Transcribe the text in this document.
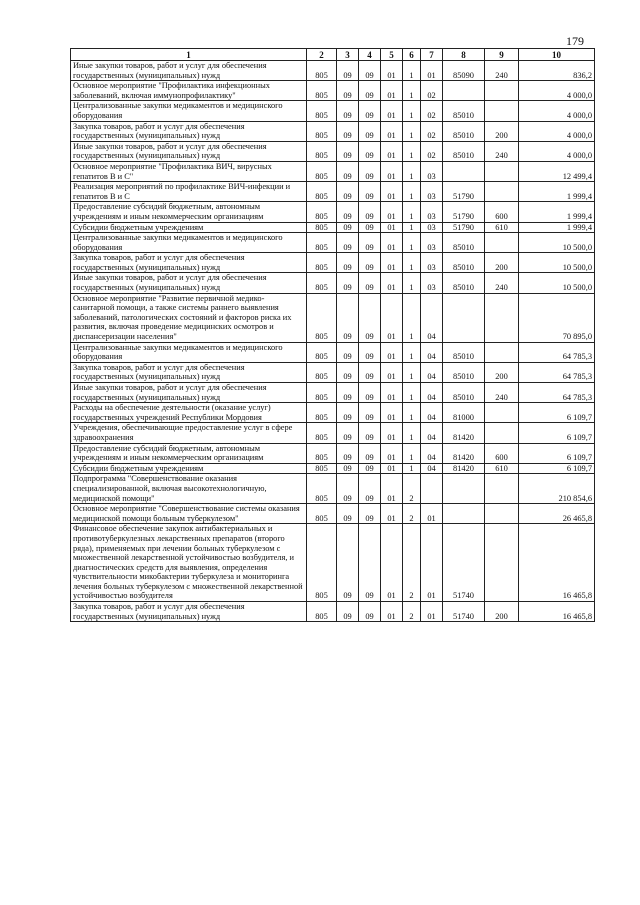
179
1	2	3	4	5	6	7	8	9	10
Иные закупки товаров, работ и услуг для обеспечения государственных (муниципальных) нужд	805	09	09	01	1	01	85090	240	836,2
Основное мероприятие "Профилактика инфекционных заболеваний, включая иммунопрофилактику"	805	09	09	01	1	02			4 000,0
Централизованные закупки медикаментов и медицинского оборудования	805	09	09	01	1	02	85010		4 000,0
Закупка товаров, работ и услуг для обеспечения государственных (муниципальных) нужд	805	09	09	01	1	02	85010	200	4 000,0
Иные закупки товаров, работ и услуг для обеспечения государственных (муниципальных) нужд	805	09	09	01	1	02	85010	240	4 000,0
Основное мероприятие "Профилактика ВИЧ, вирусных гепатитов В и С"	805	09	09	01	1	03			12 499,4
Реализация мероприятий по профилактике ВИЧ-инфекции и гепатитов В и С	805	09	09	01	1	03	51790		1 999,4
Предоставление субсидий бюджетным, автономным учреждениям и иным некоммерческим организациям	805	09	09	01	1	03	51790	600	1 999,4
Субсидии бюджетным учреждениям	805	09	09	01	1	03	51790	610	1 999,4
Централизованные закупки медикаментов и медицинского оборудования	805	09	09	01	1	03	85010		10 500,0
Закупка товаров, работ и услуг для обеспечения государственных (муниципальных) нужд	805	09	09	01	1	03	85010	200	10 500,0
Иные закупки товаров, работ и услуг для обеспечения государственных (муниципальных) нужд	805	09	09	01	1	03	85010	240	10 500,0
Основное мероприятие "Развитие первичной медико-санитарной помощи, а также системы раннего выявления заболеваний, патологических состояний и факторов риска их развития, включая проведение медицинских осмотров и диспансеризации населения"	805	09	09	01	1	04			70 895,0
Централизованные закупки медикаментов и медицинского оборудования	805	09	09	01	1	04	85010		64 785,3
Закупка товаров, работ и услуг для обеспечения государственных (муниципальных) нужд	805	09	09	01	1	04	85010	200	64 785,3
Иные закупки товаров, работ и услуг для обеспечения государственных (муниципальных) нужд	805	09	09	01	1	04	85010	240	64 785,3
Расходы на обеспечение деятельности (оказание услуг) государственных учреждений Республики Мордовия	805	09	09	01	1	04	81000		6 109,7
Учреждения, обеспечивающие предоставление услуг в сфере здравоохранения	805	09	09	01	1	04	81420		6 109,7
Предоставление субсидий бюджетным, автономным учреждениям и иным некоммерческим организациям	805	09	09	01	1	04	81420	600	6 109,7
Субсидии бюджетным учреждениям	805	09	09	01	1	04	81420	610	6 109,7
Подпрограмма "Совершенствование оказания специализированной, включая высокотехнологичную, медицинской помощи"	805	09	09	01	2				210 854,6
Основное мероприятие "Совершенствование системы оказания медицинской помощи больным туберкулезом"	805	09	09	01	2	01			26 465,8
Финансовое обеспечение закупок антибактериальных и противотуберкулезных лекарственных препаратов (второго ряда), применяемых при лечении больных туберкулезом с множественной лекарственной устойчивостью возбудителя, и диагностических средств для выявления, определения чувствительности микобактерии туберкулеза и мониторинга лечения больных туберкулезом с множественной лекарственной устойчивостью возбудителя	805	09	09	01	2	01	51740		16 465,8
Закупка товаров, работ и услуг для обеспечения государственных (муниципальных) нужд	805	09	09	01	2	01	51740	200	16 465,8
